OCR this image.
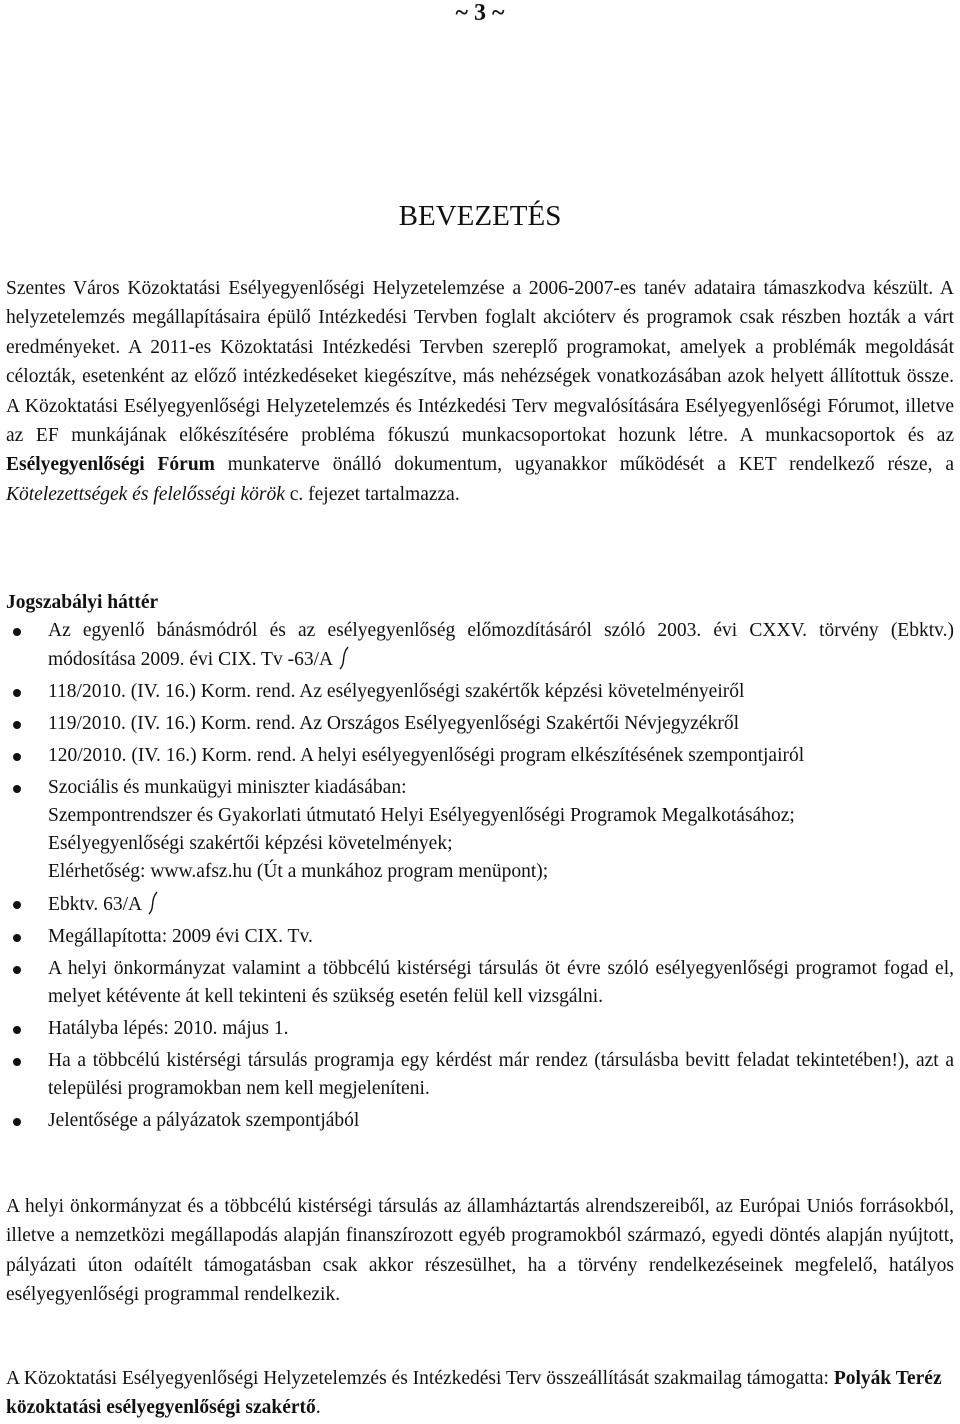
~ 3 ~
BEVEZETÉS

Szentes Város Közoktatási Esélyegyenlőségi Helyzetelemzése a 2006-2007-es tanév adataira támaszkodva készült. A helyzetelemzés megállapításaira épülő Intézkedési Tervben foglalt akcióterv és programok csak részben hozták a várt eredményeket. A 2011-es Közoktatási Intézkedési Tervben szereplő programokat, amelyek a problémák megoldását célozták, esetenként az előző intézkedéseket kiegészítve, más nehézségek vonatkozásában azok helyett állítottuk össze. A Közoktatási Esélyegyenlőségi Helyzetelemzés és Intézkedési Terv megvalósítására Esélyegyenlőségi Fórumot, illetve az EF munkájának előkészítésére probléma fókuszú munkacsoportokat hozunk létre. A munkacsoportok és az Esélyegyenlőségi Fórum munkaterve önálló dokumentum, ugyanakkor működését a KET rendelkező része, a Kötelezettségek és felelősségi körök c. fejezet tartalmazza.

Jogszabályi háttér
Az egyenlő bánásmódról és az esélyegyenlőség előmozdításáról szóló 2003. évi CXXV. törvény (Ebktv.) módosítása 2009. évi CIX. Tv -63/A
118/2010. (IV. 16.) Korm. rend. Az esélyegyenlőségi szakértők képzési követelményeiről
119/2010. (IV. 16.) Korm. rend. Az Országos Esélyegyenlőségi Szakértői Névjegyzékről
120/2010. (IV. 16.) Korm. rend. A helyi esélyegyenlőségi program elkészítésének szempontjairól
Szociális és munkaügyi miniszter kiadásában:
Szempontrendszer és Gyakorlati útmutató Helyi Esélyegyenlőségi Programok Megalkotásához;
Esélyegyenlőségi szakértői képzési követelmények;
Elérhetőség: www.afsz.hu (Út a munkához program menüpont);
Ebktv. 63/A
Megállapította: 2009 évi CIX. Tv.
A helyi önkormányzat valamint a többcélú kistérségi társulás öt évre szóló esélyegyenlőségi programot fogad el, melyet kétévente át kell tekinteni és szükség esetén felül kell vizsgálni.
Hatályba lépés: 2010. május 1.
Ha a többcélú kistérségi társulás programja egy kérdést már rendez (társulásba bevitt feladat tekintetében!), azt a települési programokban nem kell megjeleníteni.
Jelentősége a pályázatok szempontjából

A helyi önkormányzat és a többcélú kistérségi társulás az államháztartás alrendszereiből, az Európai Uniós forrásokból, illetve a nemzetközi megállapodás alapján finanszírozott egyéb programokból származó, egyedi döntés alapján nyújtott, pályázati úton odaítélt támogatásban csak akkor részesülhet, ha a törvény rendelkezéseinek megfelelő, hatályos esélyegyenlőségi programmal rendelkezik.

A Közoktatási Esélyegyenlőségi Helyzetelemzés és Intézkedési Terv összeállítását szakmailag támogatta: Polyák Teréz közoktatási esélyegyenlőségi szakértő.
